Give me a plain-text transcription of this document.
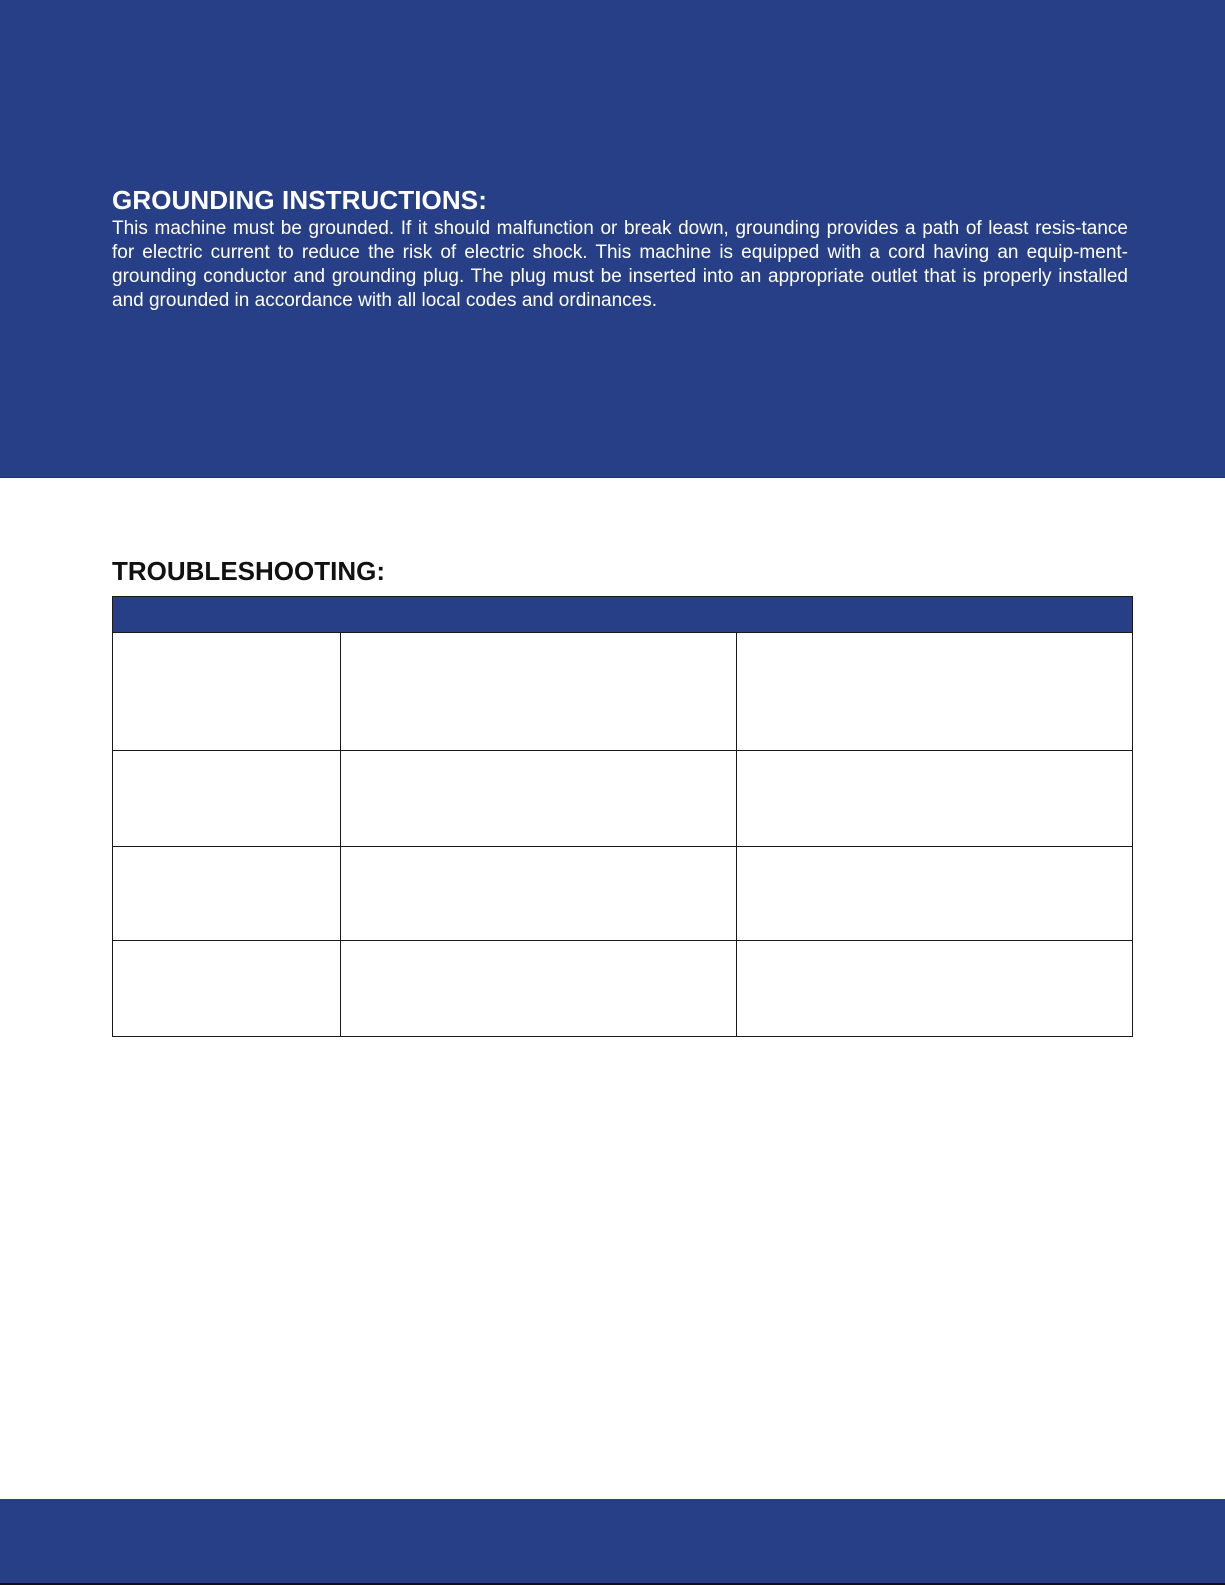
GROUNDING INSTRUCTIONS:

This machine must be grounded. If it should malfunction or break down, grounding provides a path of least resis-tance for electric current to reduce the risk of electric shock. This machine is equipped with a cord having an equip-ment-grounding conductor and grounding plug. The plug must be inserted into an appropriate outlet that is properly installed and grounded in accordance with all local codes and ordinances.

TROUBLESHOOTING:
